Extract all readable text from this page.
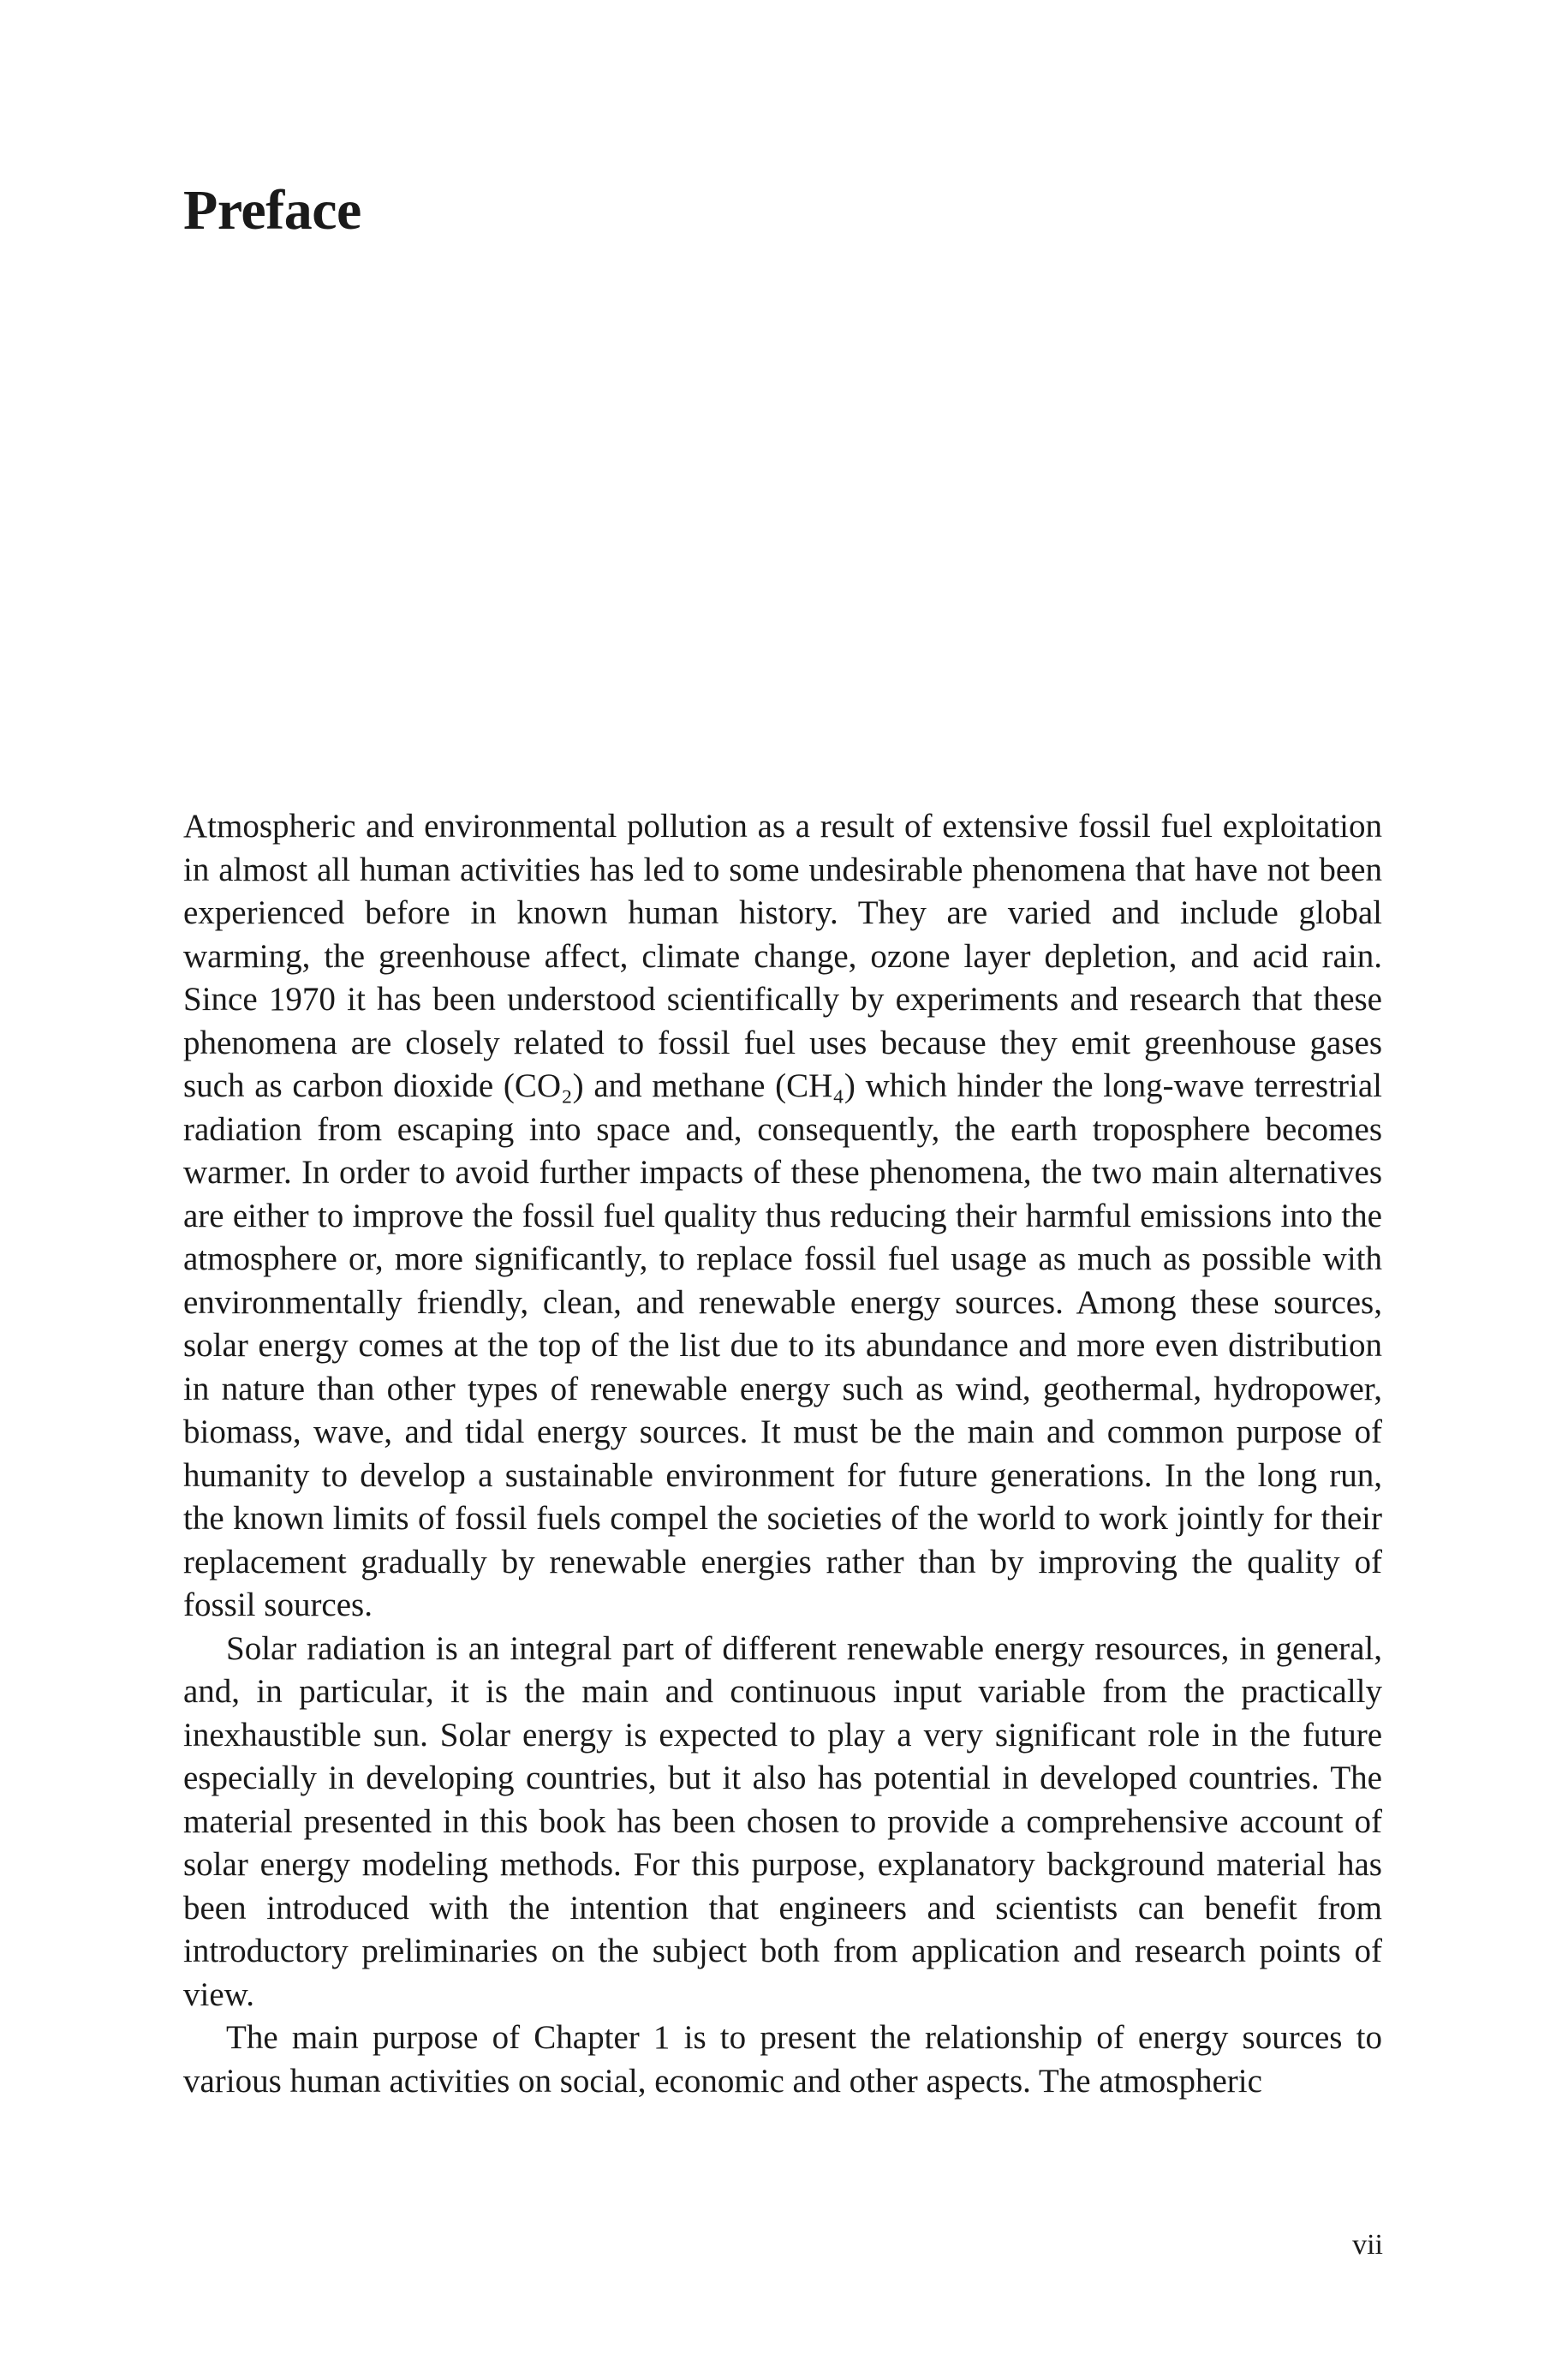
Preface

Atmospheric and environmental pollution as a result of extensive fossil fuel exploitation in almost all human activities has led to some undesirable phenomena that have not been experienced before in known human history. They are varied and include global warming, the greenhouse affect, climate change, ozone layer depletion, and acid rain. Since 1970 it has been understood scientifically by experiments and research that these phenomena are closely related to fossil fuel uses because they emit greenhouse gases such as carbon dioxide (CO₂) and methane (CH₄) which hinder the long-wave terrestrial radiation from escaping into space and, consequently, the earth troposphere becomes warmer. In order to avoid further impacts of these phenomena, the two main alternatives are either to improve the fossil fuel quality thus reducing their harmful emissions into the atmosphere or, more significantly, to replace fossil fuel usage as much as possible with environmentally friendly, clean, and renewable energy sources. Among these sources, solar energy comes at the top of the list due to its abundance and more even distribution in nature than other types of renewable energy such as wind, geothermal, hydropower, biomass, wave, and tidal energy sources. It must be the main and common purpose of humanity to develop a sustainable environment for future generations. In the long run, the known limits of fossil fuels compel the societies of the world to work jointly for their replacement gradually by renewable energies rather than by improving the quality of fossil sources.

Solar radiation is an integral part of different renewable energy resources, in general, and, in particular, it is the main and continuous input variable from the practically inexhaustible sun. Solar energy is expected to play a very significant role in the future especially in developing countries, but it also has potential in developed countries. The material presented in this book has been chosen to provide a comprehensive account of solar energy modeling methods. For this purpose, explanatory background material has been introduced with the intention that engineers and scientists can benefit from introductory preliminaries on the subject both from application and research points of view.

The main purpose of Chapter 1 is to present the relationship of energy sources to various human activities on social, economic and other aspects. The atmospheric

vii
